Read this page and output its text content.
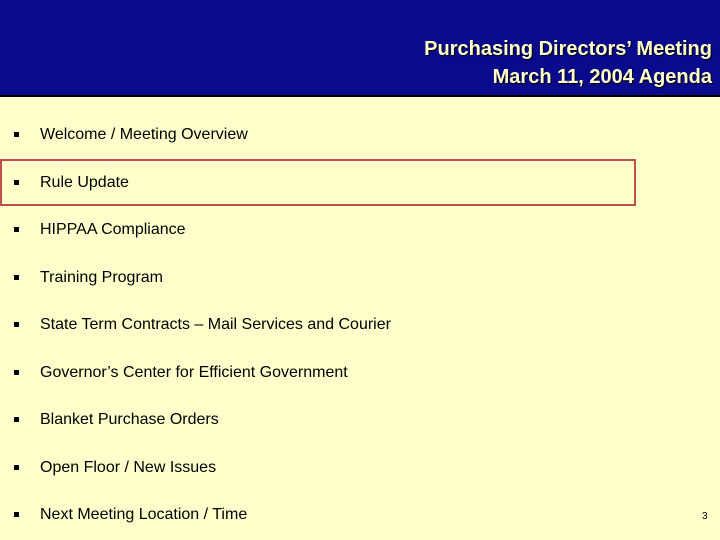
Purchasing Directors’ Meeting
March 11, 2004 Agenda
Welcome / Meeting Overview
Rule Update
HIPPAA Compliance
Training Program
State Term Contracts – Mail Services and Courier
Governor’s Center for Efficient Government
Blanket Purchase Orders
Open Floor / New Issues
Next Meeting Location / Time	3
